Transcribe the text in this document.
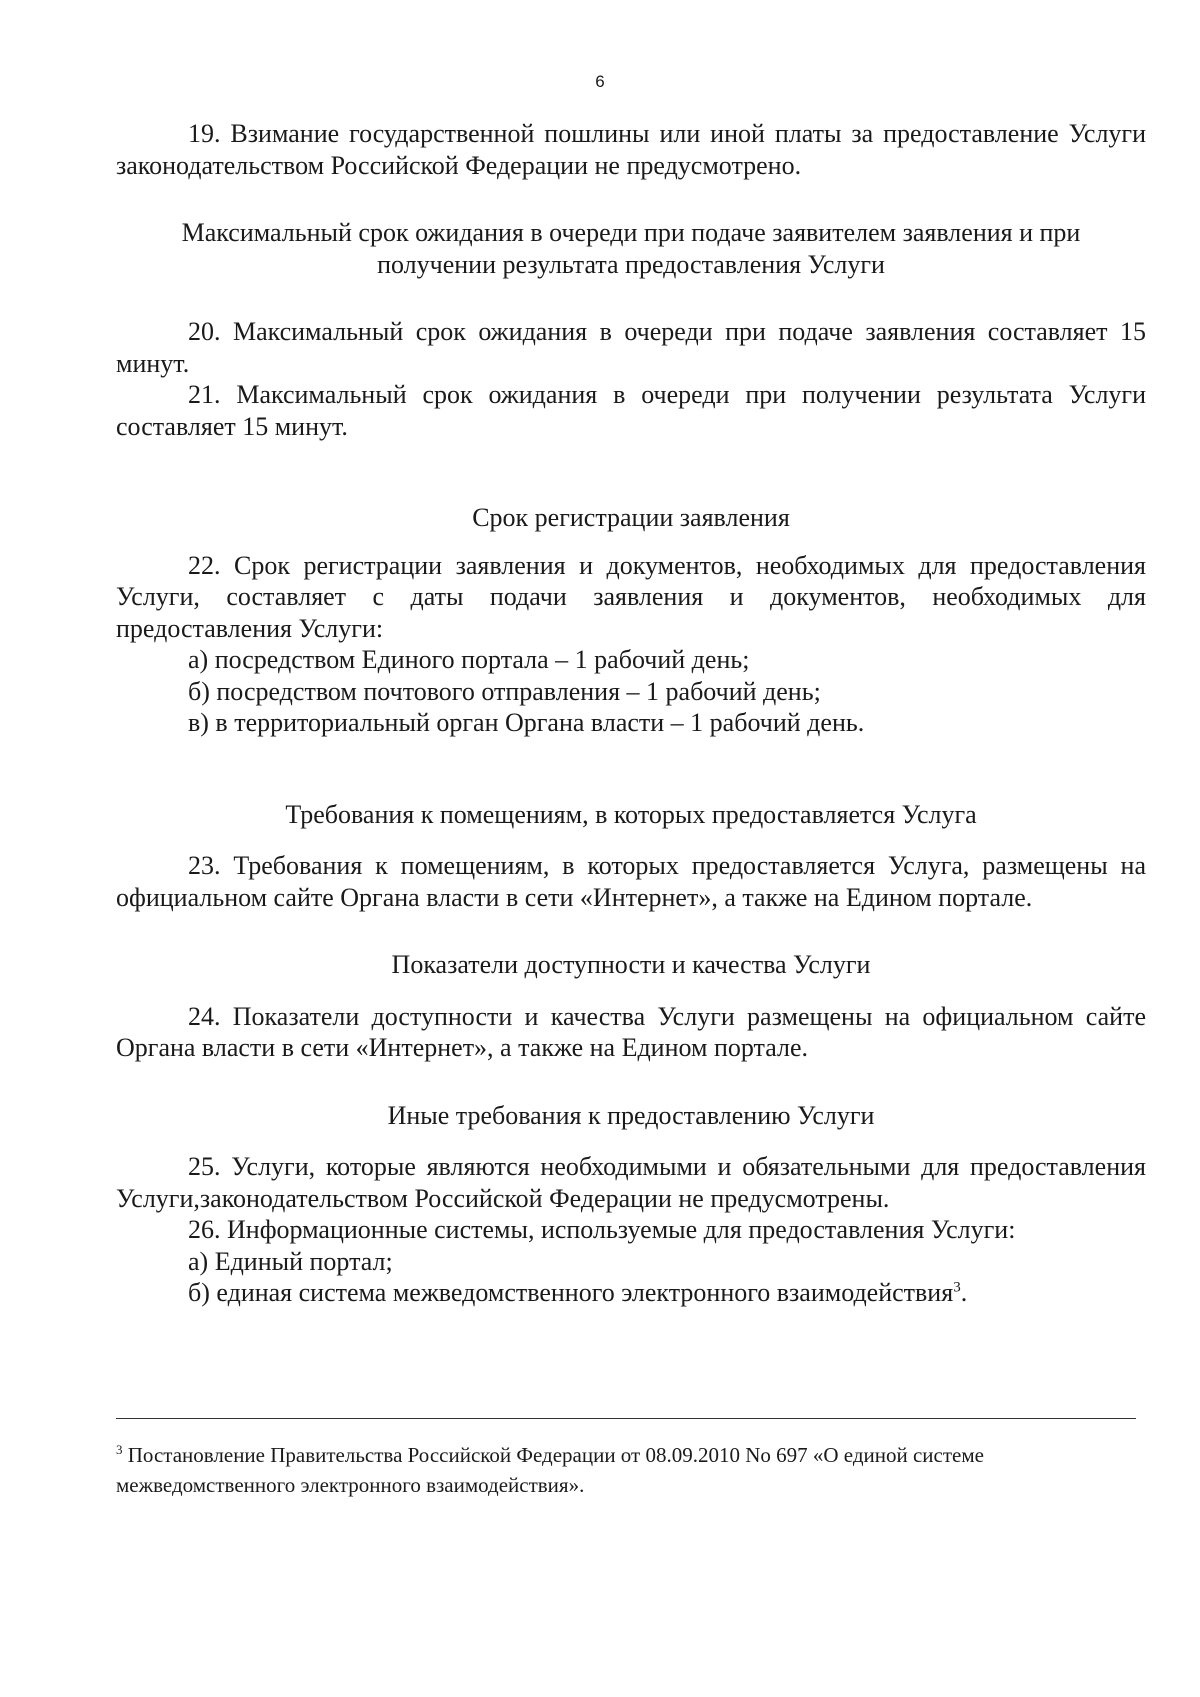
6

19. Взимание государственной пошлины или иной платы за предоставление Услуги законодательством Российской Федерации не предусмотрено.

Максимальный срок ожидания в очереди при подаче заявителем заявления и при
получении результата предоставления Услуги

20. Максимальный срок ожидания в очереди при подаче заявления составляет 15 минут.

21. Максимальный срок ожидания в очереди при получении результата Услуги составляет 15 минут.

Срок регистрации заявления

22. Срок регистрации заявления и документов, необходимых для предоставления Услуги, составляет с даты подачи заявления и документов, необходимых для предоставления Услуги:

а) посредством Единого портала – 1 рабочий день;

б) посредством почтового отправления – 1 рабочий день;

в) в территориальный орган Органа власти – 1 рабочий день.

Требования к помещениям, в которых предоставляется Услуга

23. Требования к помещениям, в которых предоставляется Услуга, размещены на официальном сайте Органа власти в сети «Интернет», а также на Едином портале.

Показатели доступности и качества Услуги

24. Показатели доступности и качества Услуги размещены на официальном сайте Органа власти в сети «Интернет», а также на Едином портале.

Иные требования к предоставлению Услуги

25. Услуги, которые являются необходимыми и обязательными для предоставления Услуги,законодательством Российской Федерации не предусмотрены.

26. Информационные системы, используемые для предоставления Услуги:

а) Единый портал;

б) единая система межведомственного электронного взаимодействия$^3$.

$^3$ Постановление Правительства Российской Федерации от 08.09.2010 No 697 «О единой системе межведомственного электронного взаимодействия».
